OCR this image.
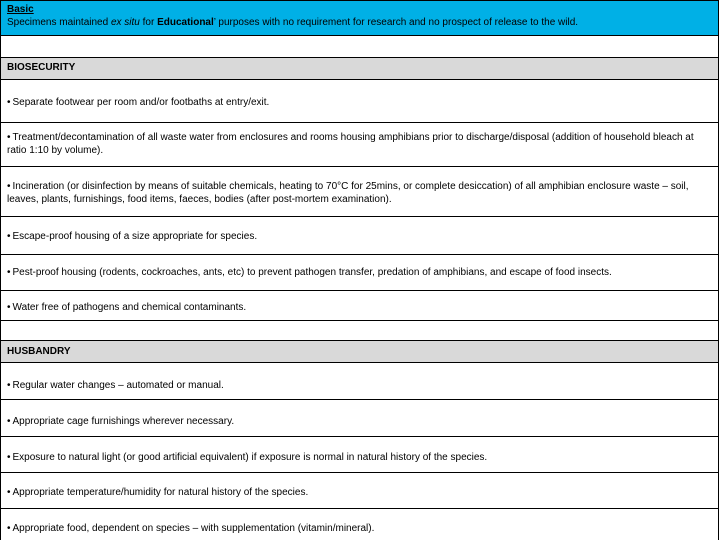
Basic
Specimens maintained ex situ for Educational’ purposes with no requirement for research and no prospect of release to the wild.
BIOSECURITY
• Separate footwear per room and/or footbaths at entry/exit.
• Treatment/decontamination of all waste water from enclosures and rooms housing amphibians prior to discharge/disposal (addition of household bleach at ratio 1:10 by volume).
• Incineration (or disinfection by means of suitable chemicals, heating to 70°C for 25mins, or complete desiccation) of all amphibian enclosure waste – soil, leaves, plants, furnishings, food items, faeces, bodies (after post-mortem examination).
• Escape-proof housing of a size appropriate for species.
• Pest-proof housing (rodents, cockroaches, ants, etc) to prevent pathogen transfer, predation of amphibians, and escape of food insects.
• Water free of pathogens and chemical contaminants.
HUSBANDRY
• Regular water changes – automated or manual.
• Appropriate cage furnishings wherever necessary.
• Exposure to natural light (or good artificial equivalent) if exposure is normal in natural history of the species.
• Appropriate temperature/humidity for natural history of the species.
• Appropriate food, dependent on species – with supplementation (vitamin/mineral).
